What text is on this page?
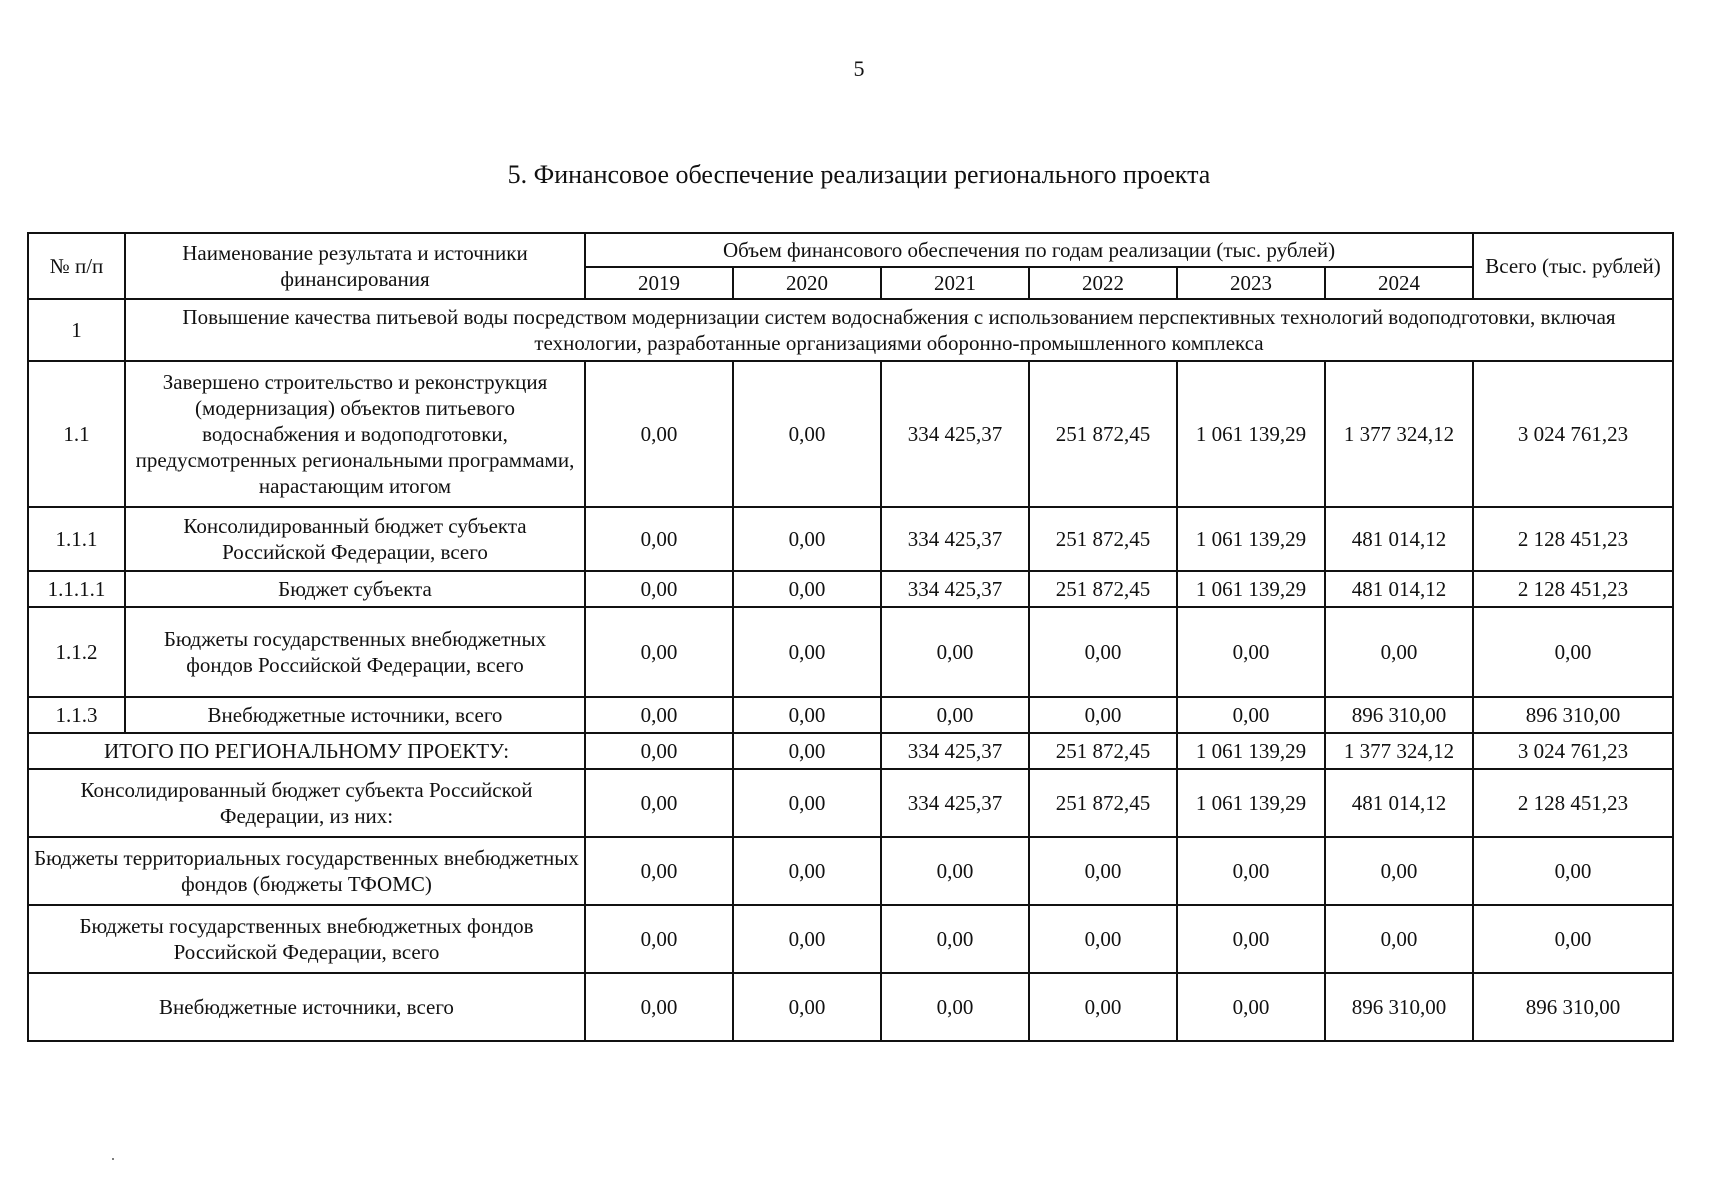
5
5. Финансовое обеспечение реализации регионального проекта
№ п/п	Наименование результата и источники финансирования	Объем финансового обеспечения по годам реализации (тыс. рублей)						Всего (тыс. рублей)
		2019	2020	2021	2022	2023	2024	
1	Повышение качества питьевой воды посредством модернизации систем водоснабжения с использованием перспективных технологий водоподготовки, включая технологии, разработанные организациями оборонно-промышленного комплекса							
1.1	Завершено строительство и реконструкция (модернизация) объектов питьевого водоснабжения и водоподготовки, предусмотренных региональными программами, нарастающим итогом	0,00	0,00	334 425,37	251 872,45	1 061 139,29	1 377 324,12	3 024 761,23
1.1.1	Консолидированный бюджет субъекта Российской Федерации, всего	0,00	0,00	334 425,37	251 872,45	1 061 139,29	481 014,12	2 128 451,23
1.1.1.1	Бюджет субъекта	0,00	0,00	334 425,37	251 872,45	1 061 139,29	481 014,12	2 128 451,23
1.1.2	Бюджеты государственных внебюджетных фондов Российской Федерации, всего	0,00	0,00	0,00	0,00	0,00	0,00	0,00
1.1.3	Внебюджетные источники, всего	0,00	0,00	0,00	0,00	0,00	896 310,00	896 310,00
ИТОГО ПО РЕГИОНАЛЬНОМУ ПРОЕКТУ:		0,00	0,00	334 425,37	251 872,45	1 061 139,29	1 377 324,12	3 024 761,23
Консолидированный бюджет субъекта Российской Федерации, из них:		0,00	0,00	334 425,37	251 872,45	1 061 139,29	481 014,12	2 128 451,23
Бюджеты территориальных государственных внебюджетных фондов (бюджеты ТФОМС)		0,00	0,00	0,00	0,00	0,00	0,00	0,00
Бюджеты государственных внебюджетных фондов Российской Федерации, всего		0,00	0,00	0,00	0,00	0,00	0,00	0,00
Внебюджетные источники, всего		0,00	0,00	0,00	0,00	0,00	896 310,00	896 310,00
